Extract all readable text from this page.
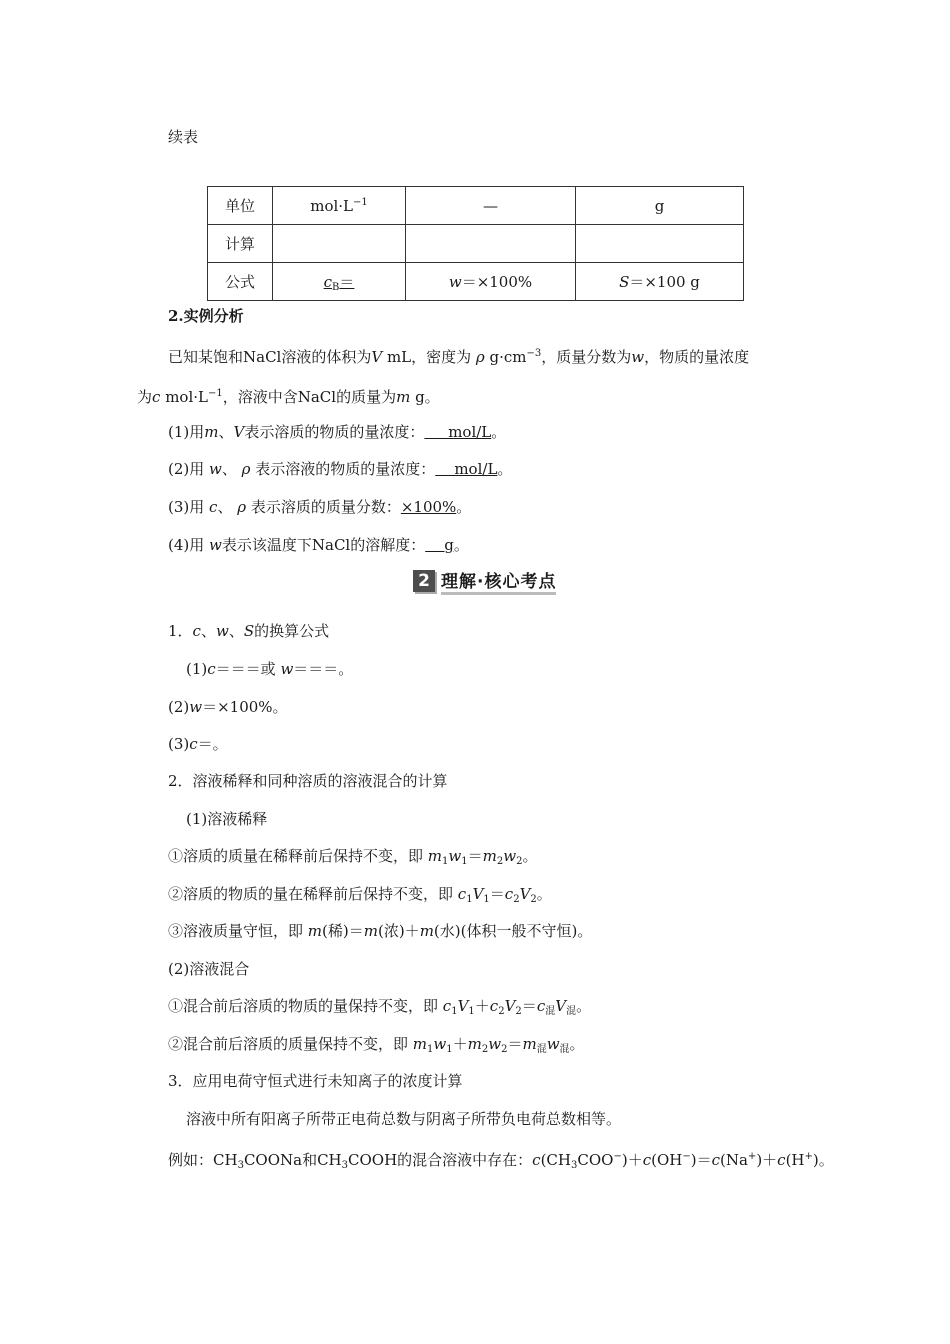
续表
单位	$mol\cdot L^{-1}$	—	g
计算			
公式	$c_B=$	w＝×100%	S＝×100 g
2.实例分析
已知某饱和NaCl溶液的体积为V mL，密度为 ρ $g\cdot cm^{-3}$，质量分数为w，物质的量浓度
为c $mol\cdot L^{-1}$，溶液中含NaCl的质量为m g。
(1)用m、V表示溶质的物质的量浓度：     mol/L。
(2)用 w、 ρ 表示溶液的物质的量浓度：    mol/L。
(3)用 c、 ρ 表示溶质的质量分数：×100%。
(4)用 w表示该温度下NaCl的溶解度：    g。
2 理解·核心考点
1．c、w、S的换算公式
(1)c＝＝＝或 w＝＝＝。
(2)w＝×100%。
(3)c＝。
2．溶液稀释和同种溶质的溶液混合的计算
(1)溶液稀释
①溶质的质量在稀释前后保持不变，即 $m_1w_1=m_2w_2$。
②溶质的物质的量在稀释前后保持不变，即 $c_1V_1=c_2V_2$。
③溶液质量守恒，即 m(稀)＝m(浓)＋m(水)(体积一般不守恒)。
(2)溶液混合
①混合前后溶质的物质的量保持不变，即 $c_1V_1+c_2V_2=c_混V_混$。
②混合前后溶质的质量保持不变，即 $m_1w_1+m_2w_2=m_混w_混$。
3．应用电荷守恒式进行未知离子的浓度计算
溶液中所有阳离子所带正电荷总数与阴离子所带负电荷总数相等。
例如：$CH_3COONa$和$CH_3COOH$的混合溶液中存在：$c(CH_3COO^-)+c(OH^-)=c(Na^+)+c(H^+)$。
